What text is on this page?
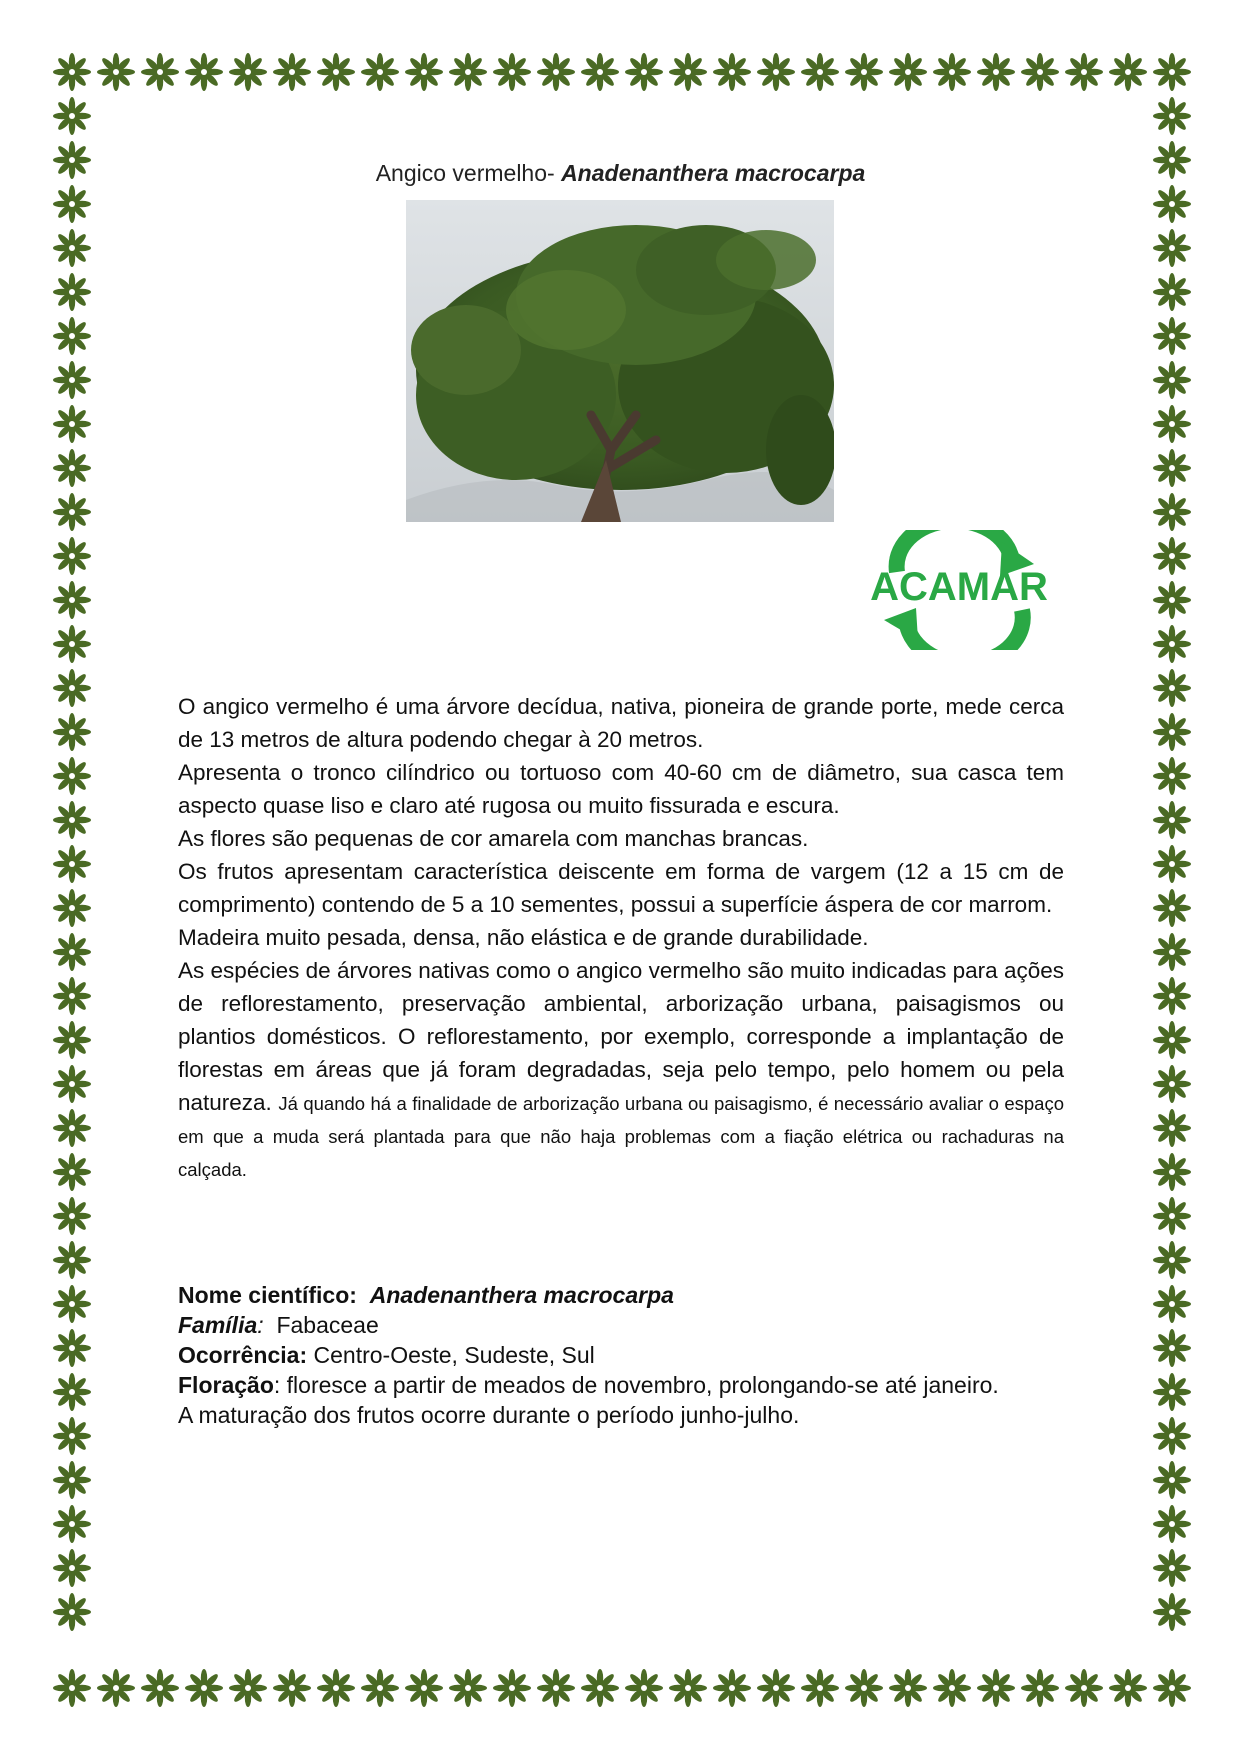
Angico vermelho- Anadenanthera macrocarpa
ACAMAR

O angico vermelho é uma árvore decídua, nativa, pioneira de grande porte, mede cerca de 13 metros de altura podendo chegar à 20 metros.

Apresenta o tronco cilíndrico ou tortuoso com 40-60 cm de diâmetro, sua casca tem aspecto quase liso e claro até rugosa ou muito fissurada e escura.

As flores são pequenas de cor amarela com manchas brancas.

Os frutos apresentam característica deiscente em forma de vargem (12 a 15 cm de comprimento) contendo de 5 a 10 sementes, possui a superfície áspera de cor marrom.

Madeira muito pesada, densa, não elástica e de grande durabilidade.

As espécies de árvores nativas como o angico vermelho são muito indicadas para ações de reflorestamento, preservação ambiental, arborização urbana, paisagismos ou plantios domésticos. O reflorestamento, por exemplo, corresponde a implantação de florestas em áreas que já foram degradadas, seja pelo tempo, pelo homem ou pela natureza. Já quando há a finalidade de arborização urbana ou paisagismo, é necessário avaliar o espaço em que a muda será plantada para que não haja problemas com a fiação elétrica ou rachaduras na calçada.

Nome científico: Anadenanthera macrocarpa
Família: Fabaceae
Ocorrência: Centro-Oeste, Sudeste, Sul
Floração: floresce a partir de meados de novembro, prolongando-se até janeiro.
A maturação dos frutos ocorre durante o período junho-julho.
